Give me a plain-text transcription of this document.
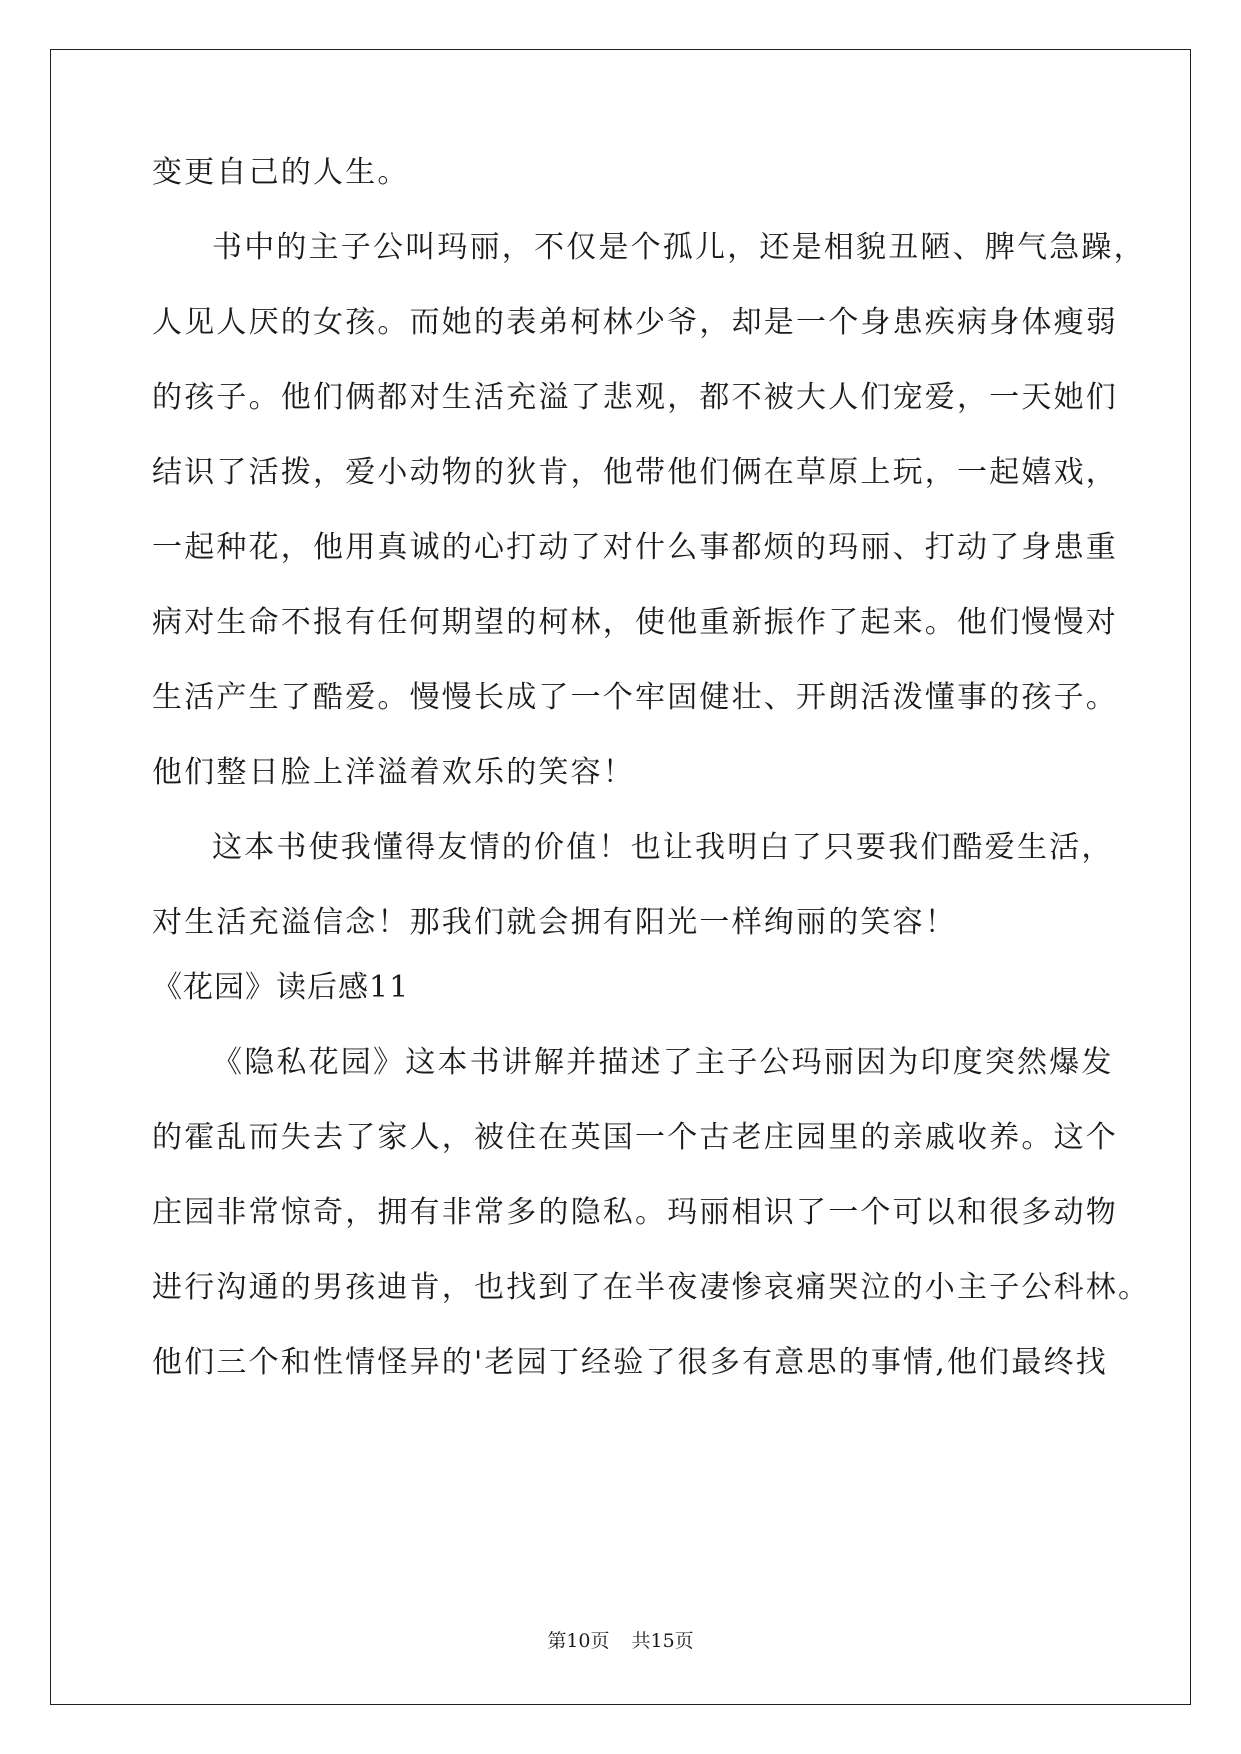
变更自己的人生。
书中的主子公叫玛丽，不仅是个孤儿，还是相貌丑陋、脾气急躁，
人见人厌的女孩。而她的表弟柯林少爷，却是一个身患疾病身体瘦弱
的孩子。他们俩都对生活充溢了悲观，都不被大人们宠爱，一天她们
结识了活拨，爱小动物的狄肯，他带他们俩在草原上玩，一起嬉戏，
一起种花，他用真诚的心打动了对什么事都烦的玛丽、打动了身患重
病对生命不报有任何期望的柯林，使他重新振作了起来。他们慢慢对
生活产生了酷爱。慢慢长成了一个牢固健壮、开朗活泼懂事的孩子。
他们整日脸上洋溢着欢乐的笑容！
这本书使我懂得友情的价值！也让我明白了只要我们酷爱生活，
对生活充溢信念！那我们就会拥有阳光一样绚丽的笑容！
《花园》读后感11
《隐私花园》这本书讲解并描述了主子公玛丽因为印度突然爆发
的霍乱而失去了家人，被住在英国一个古老庄园里的亲戚收养。这个
庄园非常惊奇，拥有非常多的隐私。玛丽相识了一个可以和很多动物
进行沟通的男孩迪肯，也找到了在半夜凄惨哀痛哭泣的小主子公科林。
他们三个和性情怪异的'老园丁经验了很多有意思的事情,他们最终找
第10页 共15页
